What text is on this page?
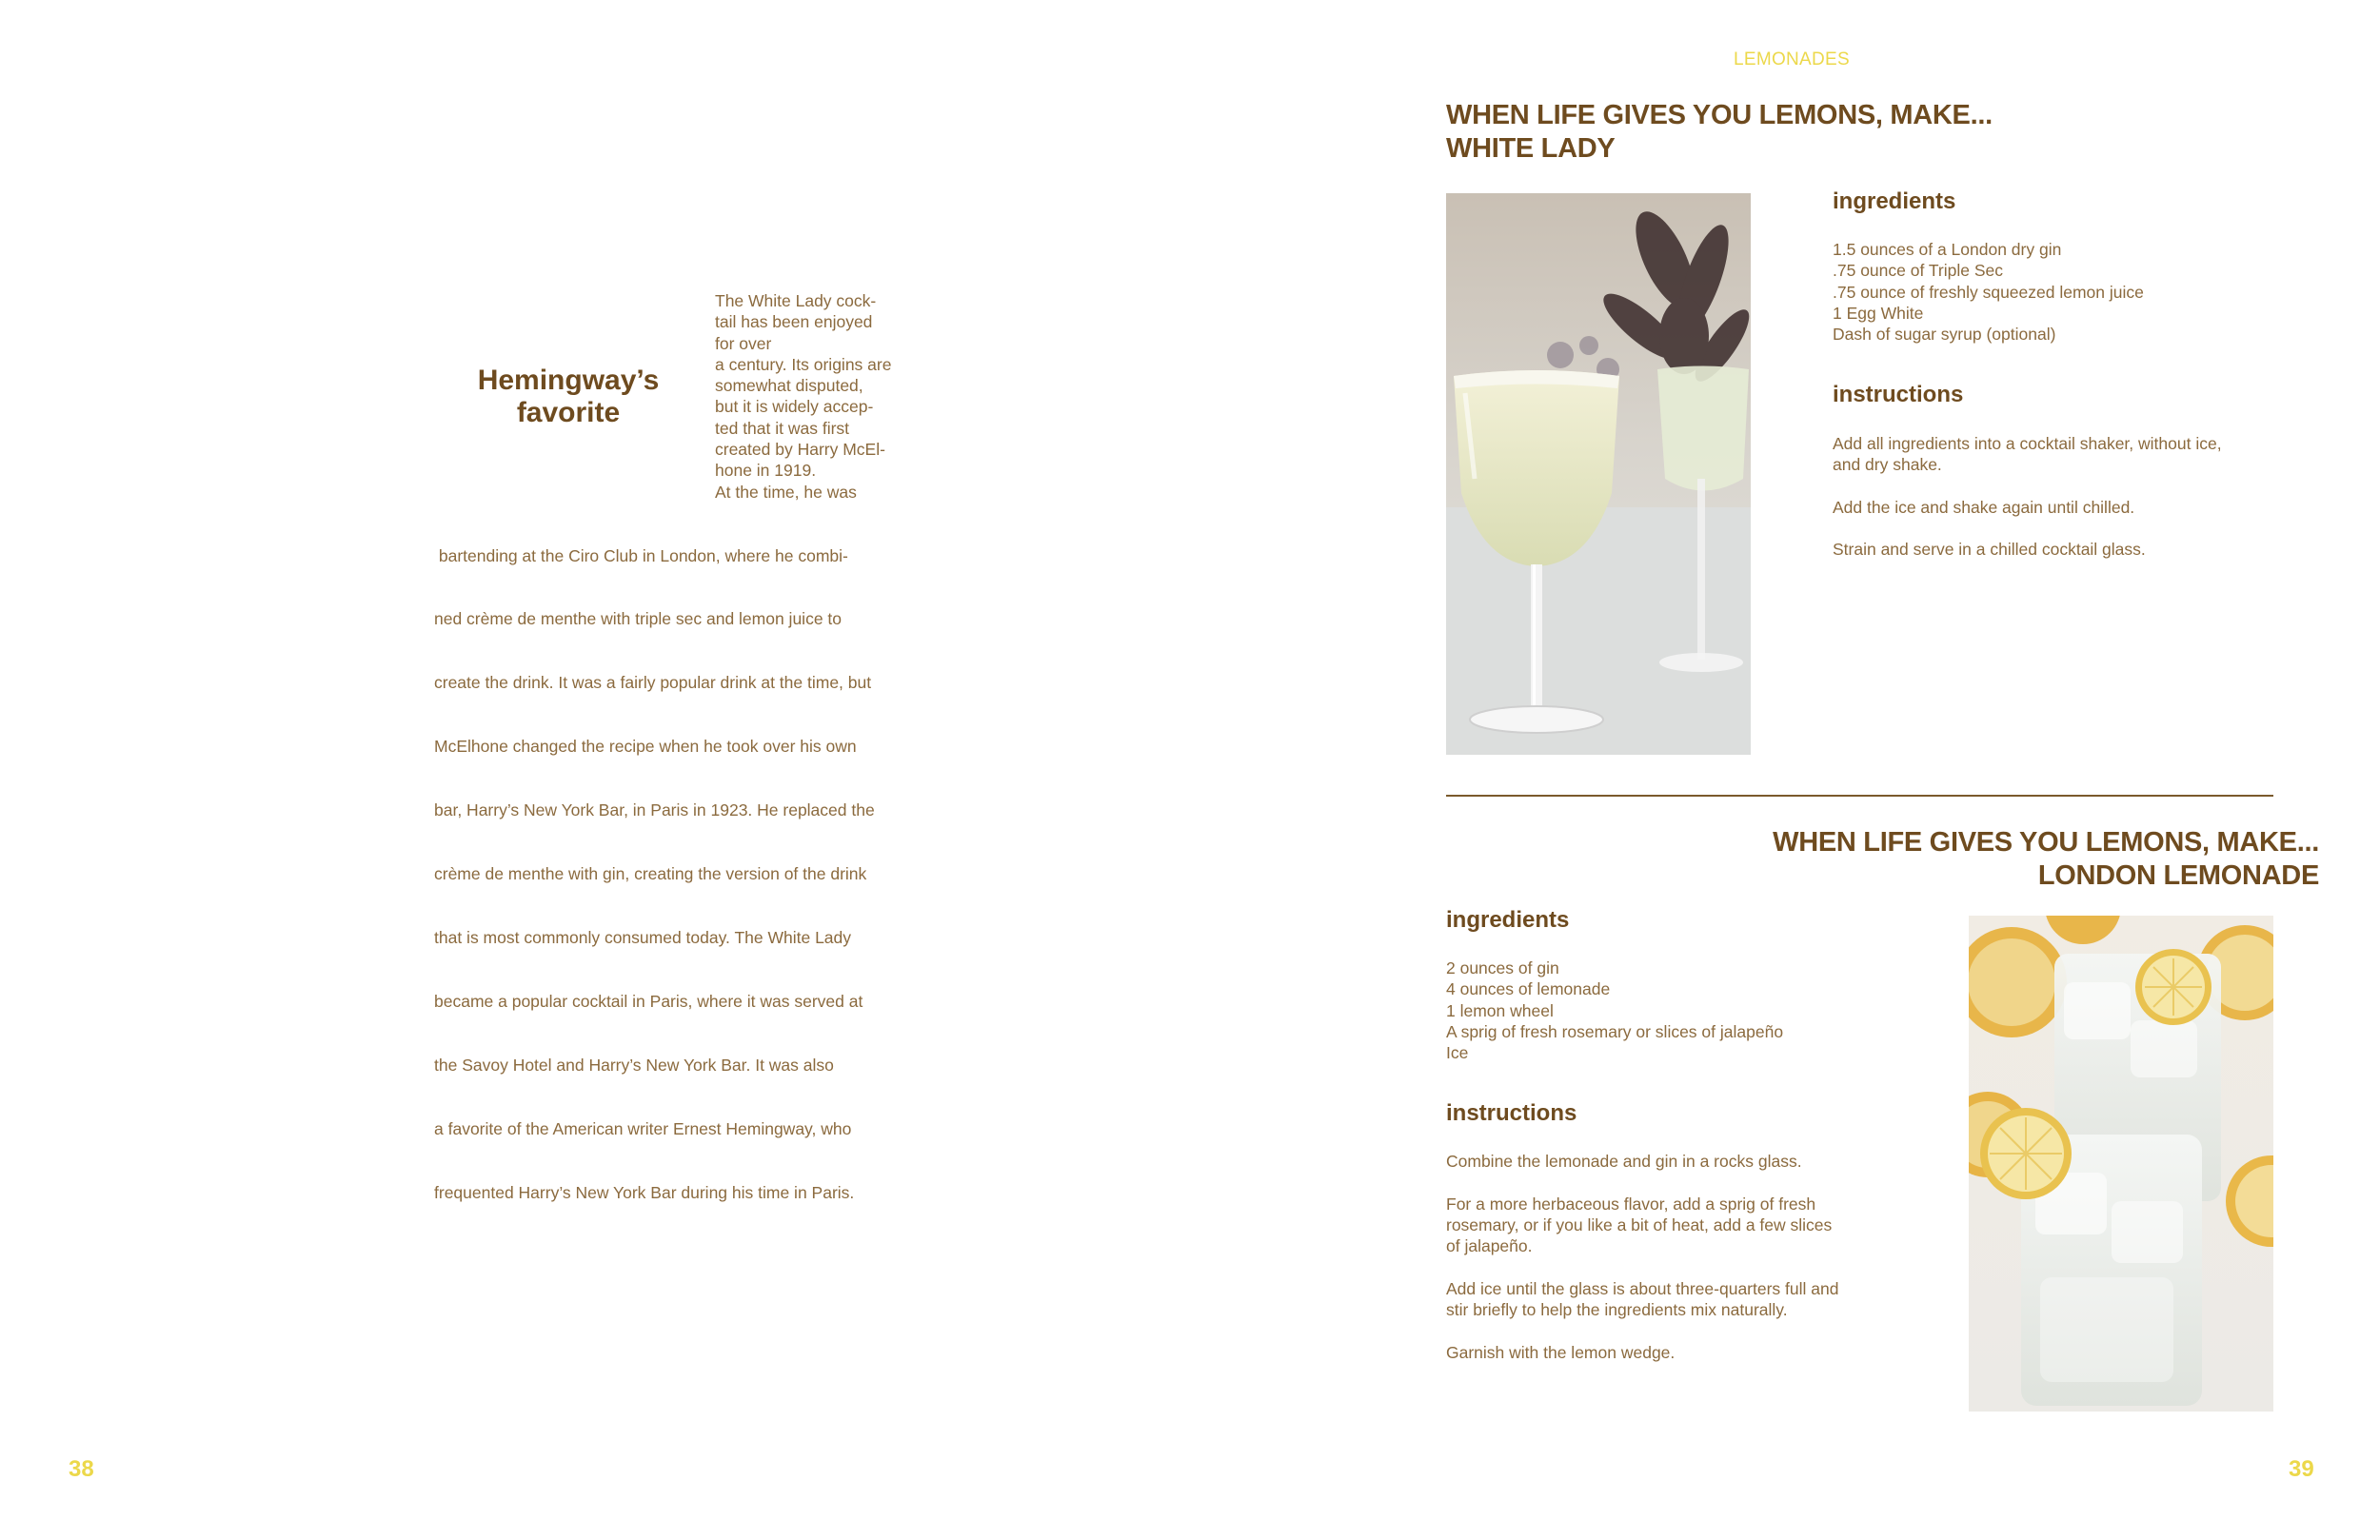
LEMONADES
Hemingway’s
favorite
The White Lady cock-
tail has been enjoyed
for over
a century. Its origins are
somewhat disputed,
but it is widely accep-
ted that it was first
created by Harry McEl-
hone in 1919.
At the time, he was

bartending at the Ciro Club in London, where he combi-

ned crème de menthe with triple sec and lemon juice to

create the drink. It was a fairly popular drink at the time, but

McElhone changed the recipe when he took over his own

bar, Harry’s New York Bar, in Paris in 1923. He replaced the

crème de menthe with gin, creating the version of the drink

that is most commonly consumed today. The White Lady

became a popular cocktail in Paris, where it was served at

the Savoy Hotel and Harry’s New York Bar. It was also

a favorite of the American writer Ernest Hemingway, who

frequented Harry’s New York Bar during his time in Paris.

38
WHEN LIFE GIVES YOU LEMONS, MAKE...
WHITE LADY
ingredients
1.5 ounces of a London dry gin
.75 ounce of Triple Sec
.75 ounce of freshly squeezed lemon juice
1 Egg White
Dash of sugar syrup (optional)
instructions
Add all ingredients into a cocktail shaker, without ice,
and dry shake.
Add the ice and shake again until chilled.
Strain and serve in a chilled cocktail glass.
WHEN LIFE GIVES YOU LEMONS, MAKE...
LONDON LEMONADE
ingredients
2 ounces of gin
4 ounces of lemonade
1 lemon wheel
A sprig of fresh rosemary or slices of jalapeño
Ice
instructions
Combine the lemonade and gin in a rocks glass.
For a more herbaceous flavor, add a sprig of fresh
rosemary, or if you like a bit of heat, add a few slices
of jalapeño.
Add ice until the glass is about three-quarters full and
stir briefly to help the ingredients mix naturally.
Garnish with the lemon wedge.
39
